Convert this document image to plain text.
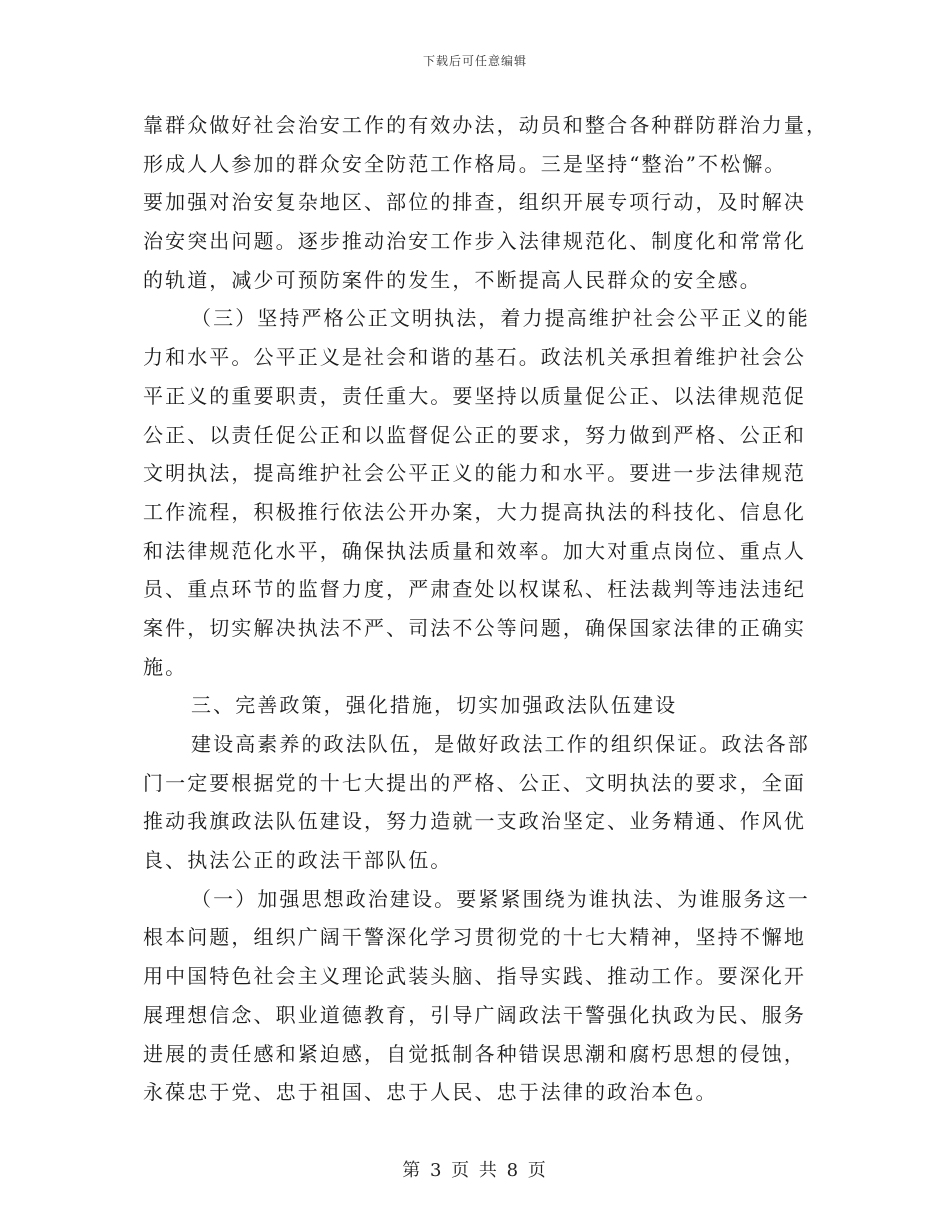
下载后可任意编辑
靠群众做好社会治安工作的有效办法，动员和整合各种群防群治力量，
形成人人参加的群众安全防范工作格局。三是坚持“整治”不松懈。
要加强对治安复杂地区、部位的排查，组织开展专项行动，及时解决
治安突出问题。逐步推动治安工作步入法律规范化、制度化和常常化
的轨道，减少可预防案件的发生，不断提高人民群众的安全感。
（三）坚持严格公正文明执法，着力提高维护社会公平正义的能
力和水平。公平正义是社会和谐的基石。政法机关承担着维护社会公
平正义的重要职责，责任重大。要坚持以质量促公正、以法律规范促
公正、以责任促公正和以监督促公正的要求，努力做到严格、公正和
文明执法，提高维护社会公平正义的能力和水平。要进一步法律规范
工作流程，积极推行依法公开办案，大力提高执法的科技化、信息化
和法律规范化水平，确保执法质量和效率。加大对重点岗位、重点人
员、重点环节的监督力度，严肃查处以权谋私、枉法裁判等违法违纪
案件，切实解决执法不严、司法不公等问题，确保国家法律的正确实
施。
三、完善政策，强化措施，切实加强政法队伍建设
建设高素养的政法队伍，是做好政法工作的组织保证。政法各部
门一定要根据党的十七大提出的严格、公正、文明执法的要求，全面
推动我旗政法队伍建设，努力造就一支政治坚定、业务精通、作风优
良、执法公正的政法干部队伍。
（一）加强思想政治建设。要紧紧围绕为谁执法、为谁服务这一
根本问题，组织广阔干警深化学习贯彻党的十七大精神，坚持不懈地
用中国特色社会主义理论武装头脑、指导实践、推动工作。要深化开
展理想信念、职业道德教育，引导广阔政法干警强化执政为民、服务
进展的责任感和紧迫感，自觉抵制各种错误思潮和腐朽思想的侵蚀，
永葆忠于党、忠于祖国、忠于人民、忠于法律的政治本色。
第 3 页 共 8 页
